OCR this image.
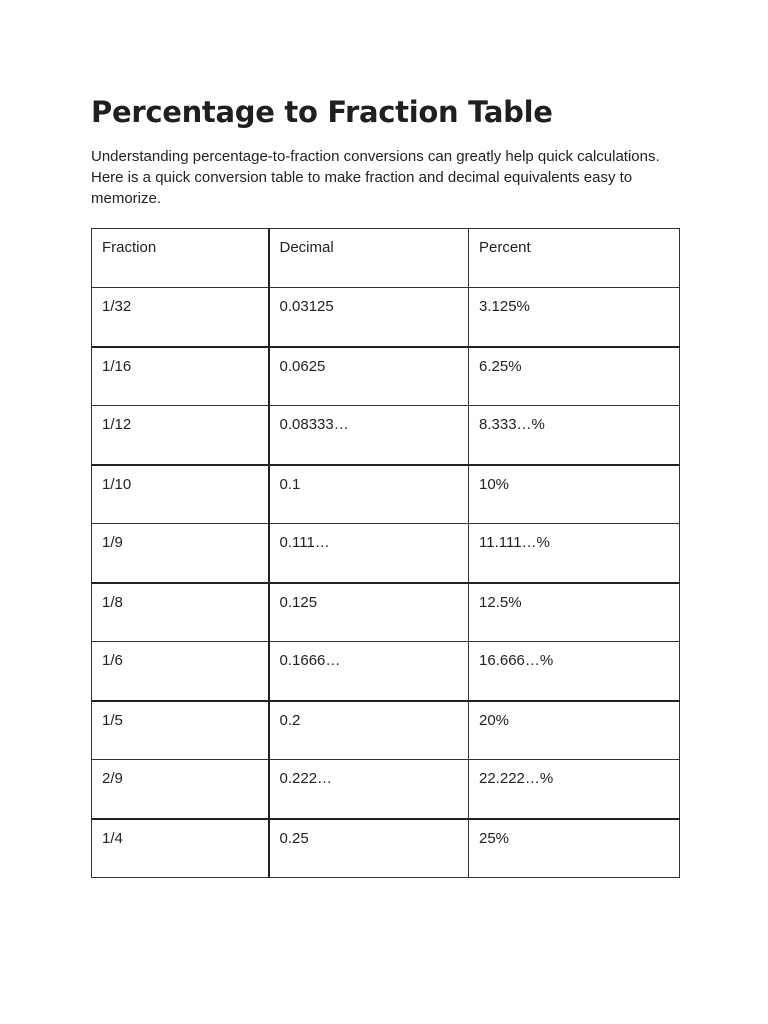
Percentage to Fraction Table

Understanding percentage-to-fraction conversions can greatly help quick calculations. Here is a quick conversion table to make fraction and decimal equivalents easy to memorize.

Fraction	Decimal	Percent
1/32	0.03125	3.125%
1/16	0.0625	6.25%
1/12	0.08333…	8.333…%
1/10	0.1	10%
1/9	0.111…	11.111…%
1/8	0.125	12.5%
1/6	0.1666…	16.666…%
1/5	0.2	20%
2/9	0.222…	22.222…%
1/4	0.25	25%
